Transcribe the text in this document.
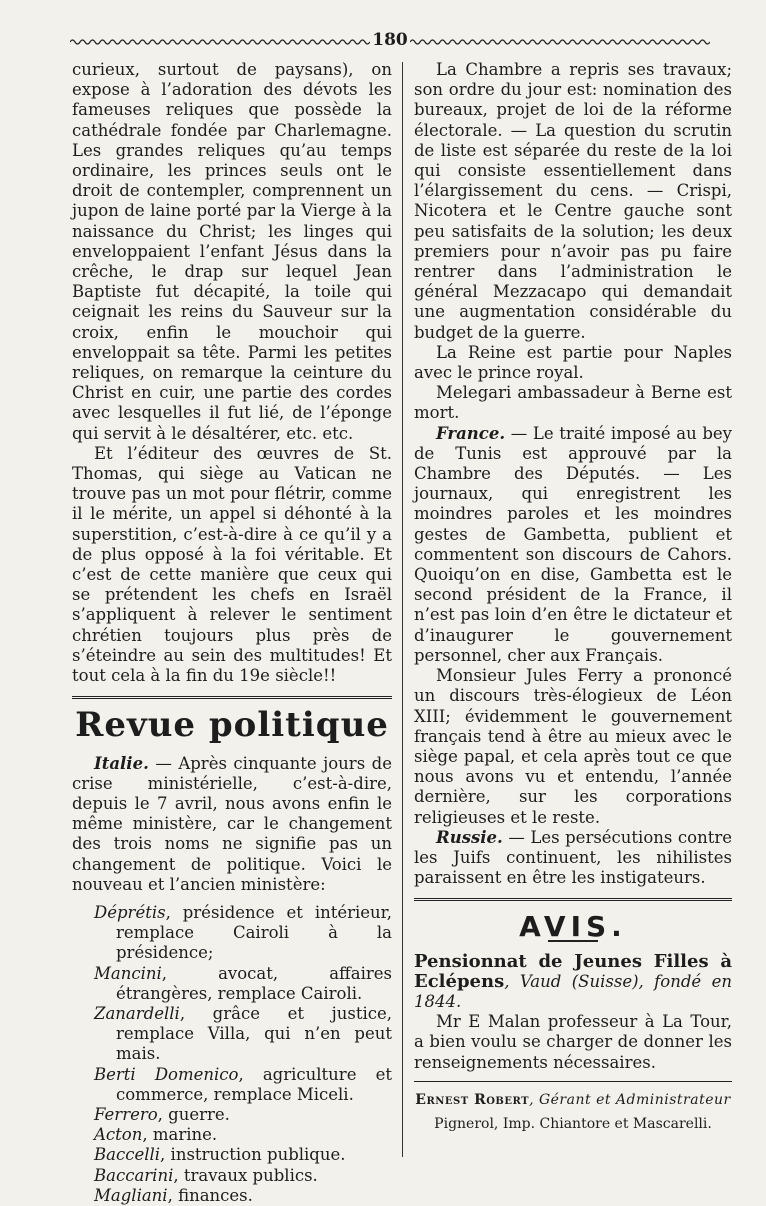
180

curieux, surtout de paysans), on expose à l’adoration des dévots les fameuses reliques que possède la cathédrale fondée par Charlemagne. Les grandes reliques qu’au temps ordinaire, les princes seuls ont le droit de contempler, comprennent un jupon de laine porté par la Vierge à la naissance du Christ; les linges qui enveloppaient l’enfant Jésus dans la crêche, le drap sur lequel Jean Baptiste fut décapité, la toile qui ceignait les reins du Sauveur sur la croix, enfin le mouchoir qui enveloppait sa tête. Parmi les petites reliques, on remarque la ceinture du Christ en cuir, une partie des cordes avec lesquelles il fut lié, de l’éponge qui servit à le désaltérer, etc. etc.

Et l’éditeur des œuvres de St. Thomas, qui siège au Vatican ne trouve pas un mot pour flétrir, comme il le mérite, un appel si déhonté à la superstition, c’est-à-dire à ce qu’il y a de plus opposé à la foi véritable. Et c’est de cette manière que ceux qui se prétendent les chefs en Israël s’appliquent à relever le sentiment chrétien toujours plus près de s’éteindre au sein des multitudes! Et tout cela à la fin du 19e siècle!!

Revue politique

Italie. — Après cinquante jours de crise ministérielle, c’est-à-dire, depuis le 7 avril, nous avons enfin le même ministère, car le changement des trois noms ne signifie pas un changement de politique. Voici le nouveau et l’ancien ministère:

Déprétis, présidence et intérieur, remplace Cairoli à la présidence;
Mancini, avocat, affaires étrangères, remplace Cairoli.
Zanardelli, grâce et justice, remplace Villa, qui n’en peut mais.
Berti Domenico, agriculture et commerce, remplace Miceli.
Ferrero, guerre.
Acton, marine.
Baccelli, instruction publique.
Baccarini, travaux publics.
Magliani, finances.

La Chambre a repris ses travaux; son ordre du jour est: nomination des bureaux, projet de loi de la réforme électorale. — La question du scrutin de liste est séparée du reste de la loi qui consiste essentiellement dans l’élargissement du cens. — Crispi, Nicotera et le Centre gauche sont peu satisfaits de la solution; les deux premiers pour n’avoir pas pu faire rentrer dans l’administration le général Mezzacapo qui demandait une augmentation considérable du budget de la guerre.

La Reine est partie pour Naples avec le prince royal.

Melegari ambassadeur à Berne est mort.

France. — Le traité imposé au bey de Tunis est approuvé par la Chambre des Députés. — Les journaux, qui enregistrent les moindres paroles et les moindres gestes de Gambetta, publient et commentent son discours de Cahors. Quoiqu’on en dise, Gambetta est le second président de la France, il n’est pas loin d’en être le dictateur et d’inaugurer le gouvernement personnel, cher aux Français.

Monsieur Jules Ferry a prononcé un discours très-élogieux de Léon XIII; évidemment le gouvernement français tend à être au mieux avec le siège papal, et cela après tout ce que nous avons vu et entendu, l’année dernière, sur les corporations religieuses et le reste.

Russie. — Les persécutions contre les Juifs continuent, les nihilistes paraissent en être les instigateurs.

AVIS.

Pensionnat de Jeunes Filles à Eclépens, Vaud (Suisse), fondé en 1844.

Mr E Malan professeur à La Tour, a bien voulu se charger de donner les renseignements nécessaires.

Ernest Robert, Gérant et Administrateur
Pignerol, Imp. Chiantore et Mascarelli.
